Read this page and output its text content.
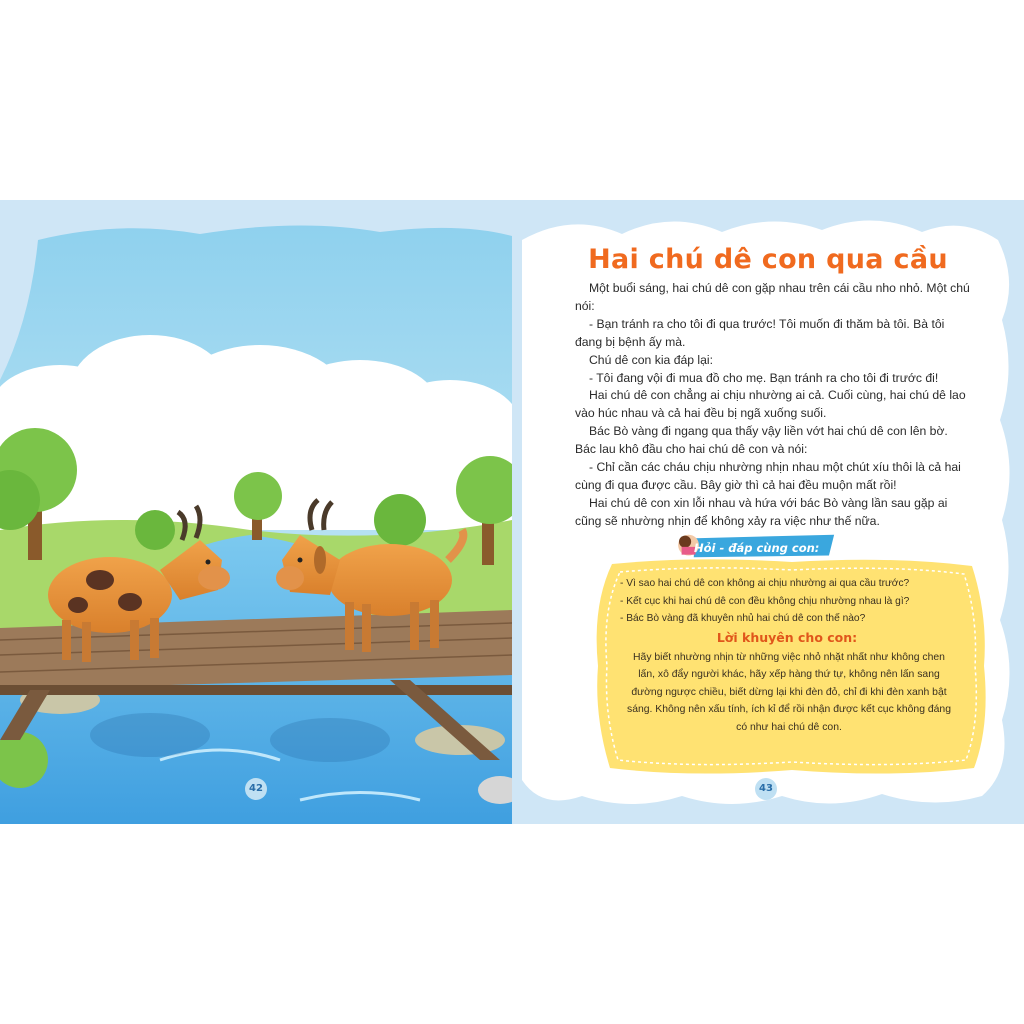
42
Hai chú dê con qua cầu

Một buổi sáng, hai chú dê con gặp nhau trên cái cầu nho nhỏ. Một chú nói:

- Bạn tránh ra cho tôi đi qua trước! Tôi muốn đi thăm bà tôi. Bà tôi đang bị bệnh ấy mà.

Chú dê con kia đáp lại:

- Tôi đang vội đi mua đồ cho mẹ. Bạn tránh ra cho tôi đi trước đi!

Hai chú dê con chẳng ai chịu nhường ai cả. Cuối cùng, hai chú dê lao vào húc nhau và cả hai đều bị ngã xuống suối.

Bác Bò vàng đi ngang qua thấy vậy liền vớt hai chú dê con lên bờ. Bác lau khô đầu cho hai chú dê con và nói:

- Chỉ cần các cháu chịu nhường nhịn nhau một chút xíu thôi là cả hai cùng đi qua được cầu. Bây giờ thì cả hai đều muộn mất rồi!

Hai chú dê con xin lỗi nhau và hứa với bác Bò vàng lần sau gặp ai cũng sẽ nhường nhịn để không xảy ra việc như thế nữa.

Hỏi - đáp cùng con:
- Vì sao hai chú dê con không ai chịu nhường ai qua cầu trước?
- Kết cục khi hai chú dê con đều không chịu nhường nhau là gì?
- Bác Bò vàng đã khuyên nhủ hai chú dê con thế nào?
Lời khuyên cho con:
Hãy biết nhường nhịn từ những việc nhỏ nhặt nhất như không chen lấn, xô đẩy người khác, hãy xếp hàng thứ tự, không nên lấn sang đường ngược chiều, biết dừng lại khi đèn đỏ, chỉ đi khi đèn xanh bật sáng. Không nên xấu tính, ích kỉ để rồi nhận được kết cục không đáng có như hai chú dê con.
43
